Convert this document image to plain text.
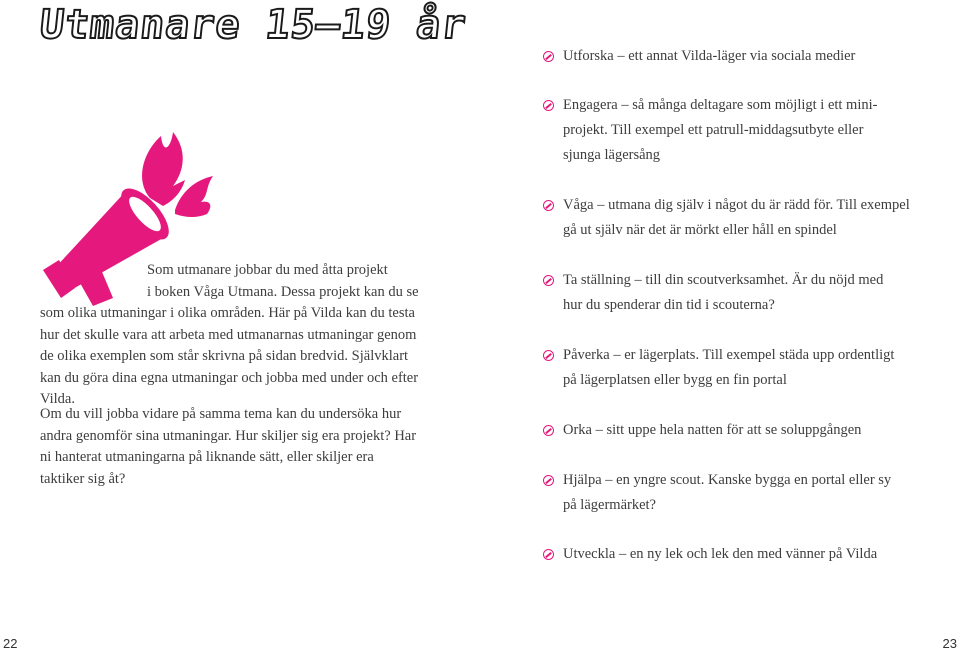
Utmanare 15–19 år
Som utmanare jobbar du med åtta projekt
i boken Våga Utmana. Dessa projekt kan du se som olika utmaningar i olika områden. Här på Vilda kan du testa hur det skulle vara att arbeta med utmanarnas utmaningar genom de olika exemplen som står skrivna på sidan bredvid. Självklart kan du göra dina egna utmaningar och jobba med under och efter Vilda.
Om du vill jobba vidare på samma tema kan du undersöka hur andra genomför sina utmaningar. Hur skiljer sig era projekt? Har ni hanterat utmaningarna på liknande sätt, eller skiljer era taktiker sig åt?
Utforska – ett annat Vilda-läger via sociala medier
Engagera – så många deltagare som möjligt i ett mini-projekt. Till exempel ett patrull-middagsutbyte eller sjunga lägersång
Våga – utmana dig själv i något du är rädd för. Till exempel gå ut själv när det är mörkt eller håll en spindel
Ta ställning – till din scoutverksamhet. Är du nöjd med hur du spenderar din tid i scouterna?
Påverka – er lägerplats. Till exempel städa upp ordentligt på lägerplatsen eller bygg en fin portal
Orka – sitt uppe hela natten för att se soluppgången
Hjälpa – en yngre scout. Kanske bygga en portal eller sy på lägermärket?
Utveckla – en ny lek och lek den med vänner på Vilda
22	23
